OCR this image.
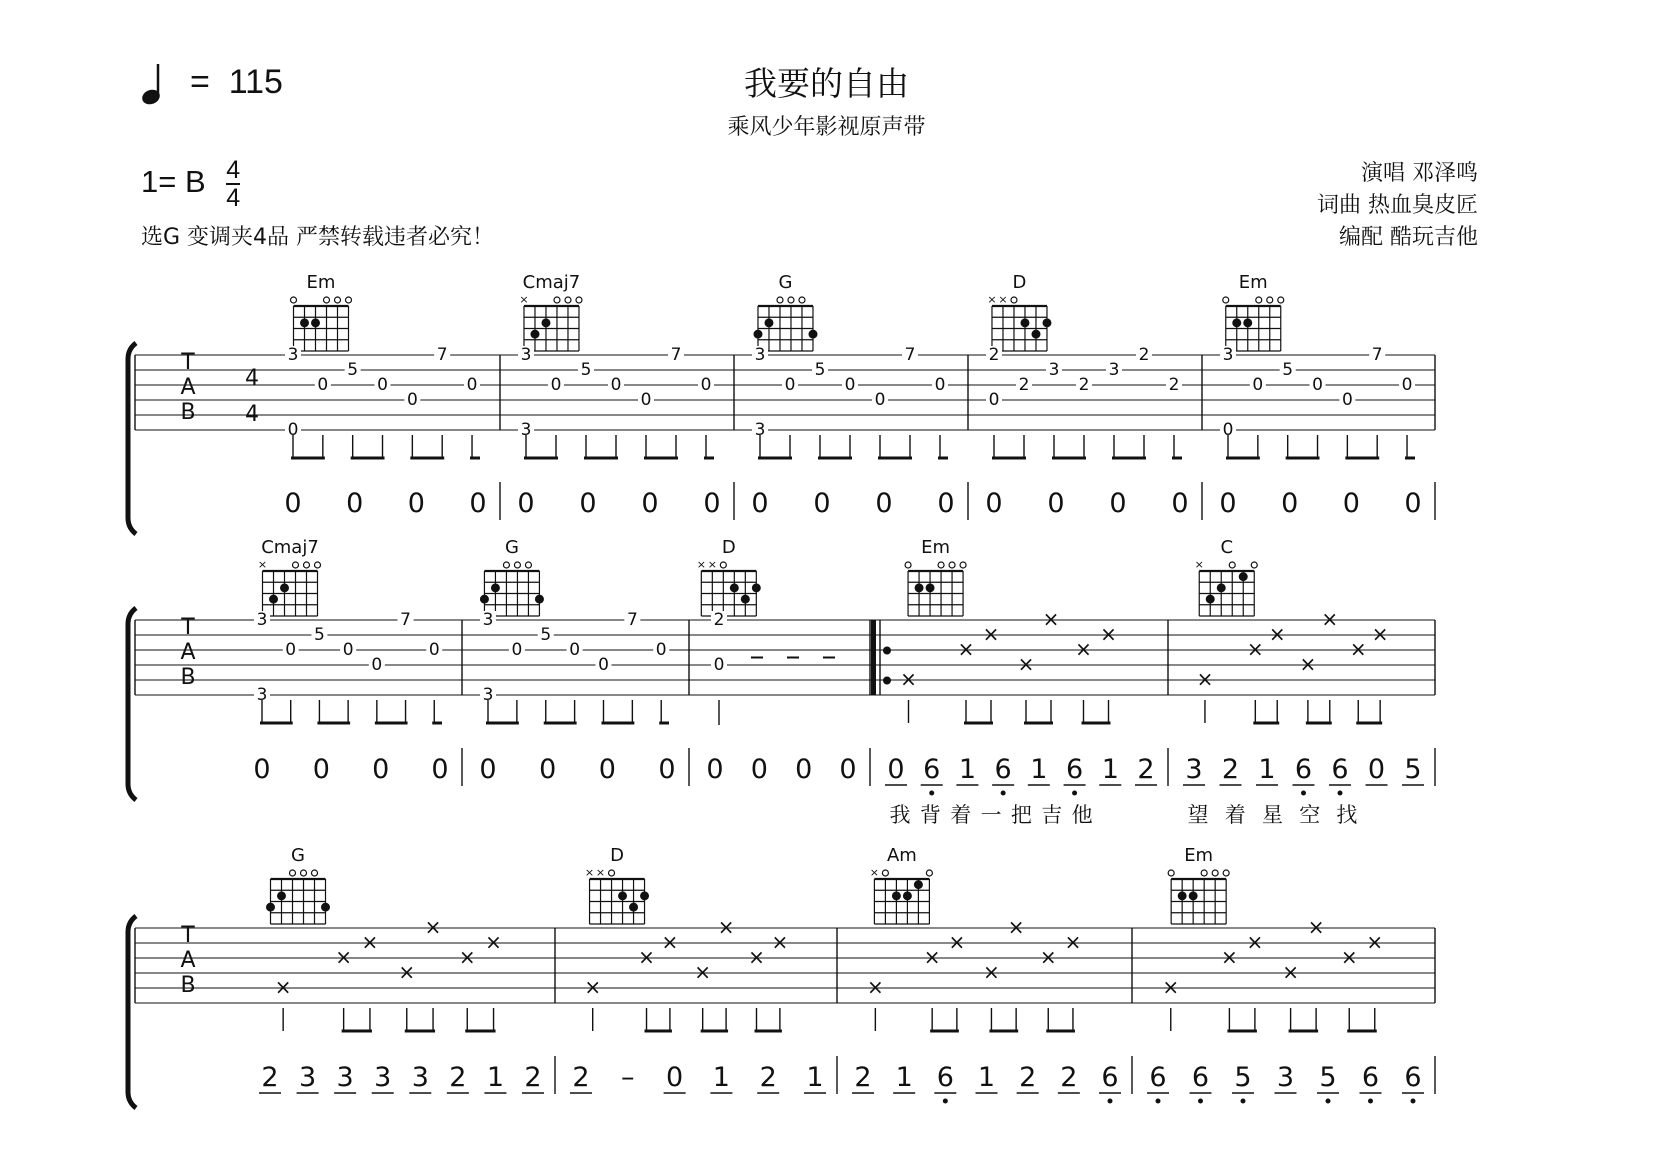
我要的自由
乘风少年影视原声带
= 115
1= B $\frac{4}{4}$
选G 变调夹4品 严禁转载违者必究！
演唱 邓泽鸣
词曲 热血臭皮匠
编配 酷玩吉他
T
A
B
4
4
Em
3
0
0
5
0
0
7
0
0 0 0 0
Cmaj7
×
3
3
0
5
0
0
7
0
0 0 0 0
G
3
3
0
5
0
0
7
0
0 0 0 0
D
× ×
2
0
2
3
2
3
2
2
0 0 0 0
Em
3
0
0
5
0
0
7
0
0 0 0 0
T
A
B
Cmaj7
×
3
3
0
5
0
0
7
0
0 0 0 0
G
3
3
0
5
0
0
7
0
0 0 0 0
D
× ×
2
0
0 0 0 0
Em
×
×
×
×
×
×
×
0 6 1 6 1 6 1 2
我 背 着 一 把 吉 他
C
×
×
×
×
×
×
×
×
3 2 1 6 6 0 5
望 着 星 空 找
T
A
B
G
×
×
×
×
×
×
×
2 3 3 3 3 2 1 2
D
× ×
×
×
×
×
×
×
×
2 – 0 1 2 1
Am
×
×
×
×
×
×
×
×
2 1 6 1 2 2 6
Em
×
×
×
×
×
×
×
6 6 5 3 5 6 6
